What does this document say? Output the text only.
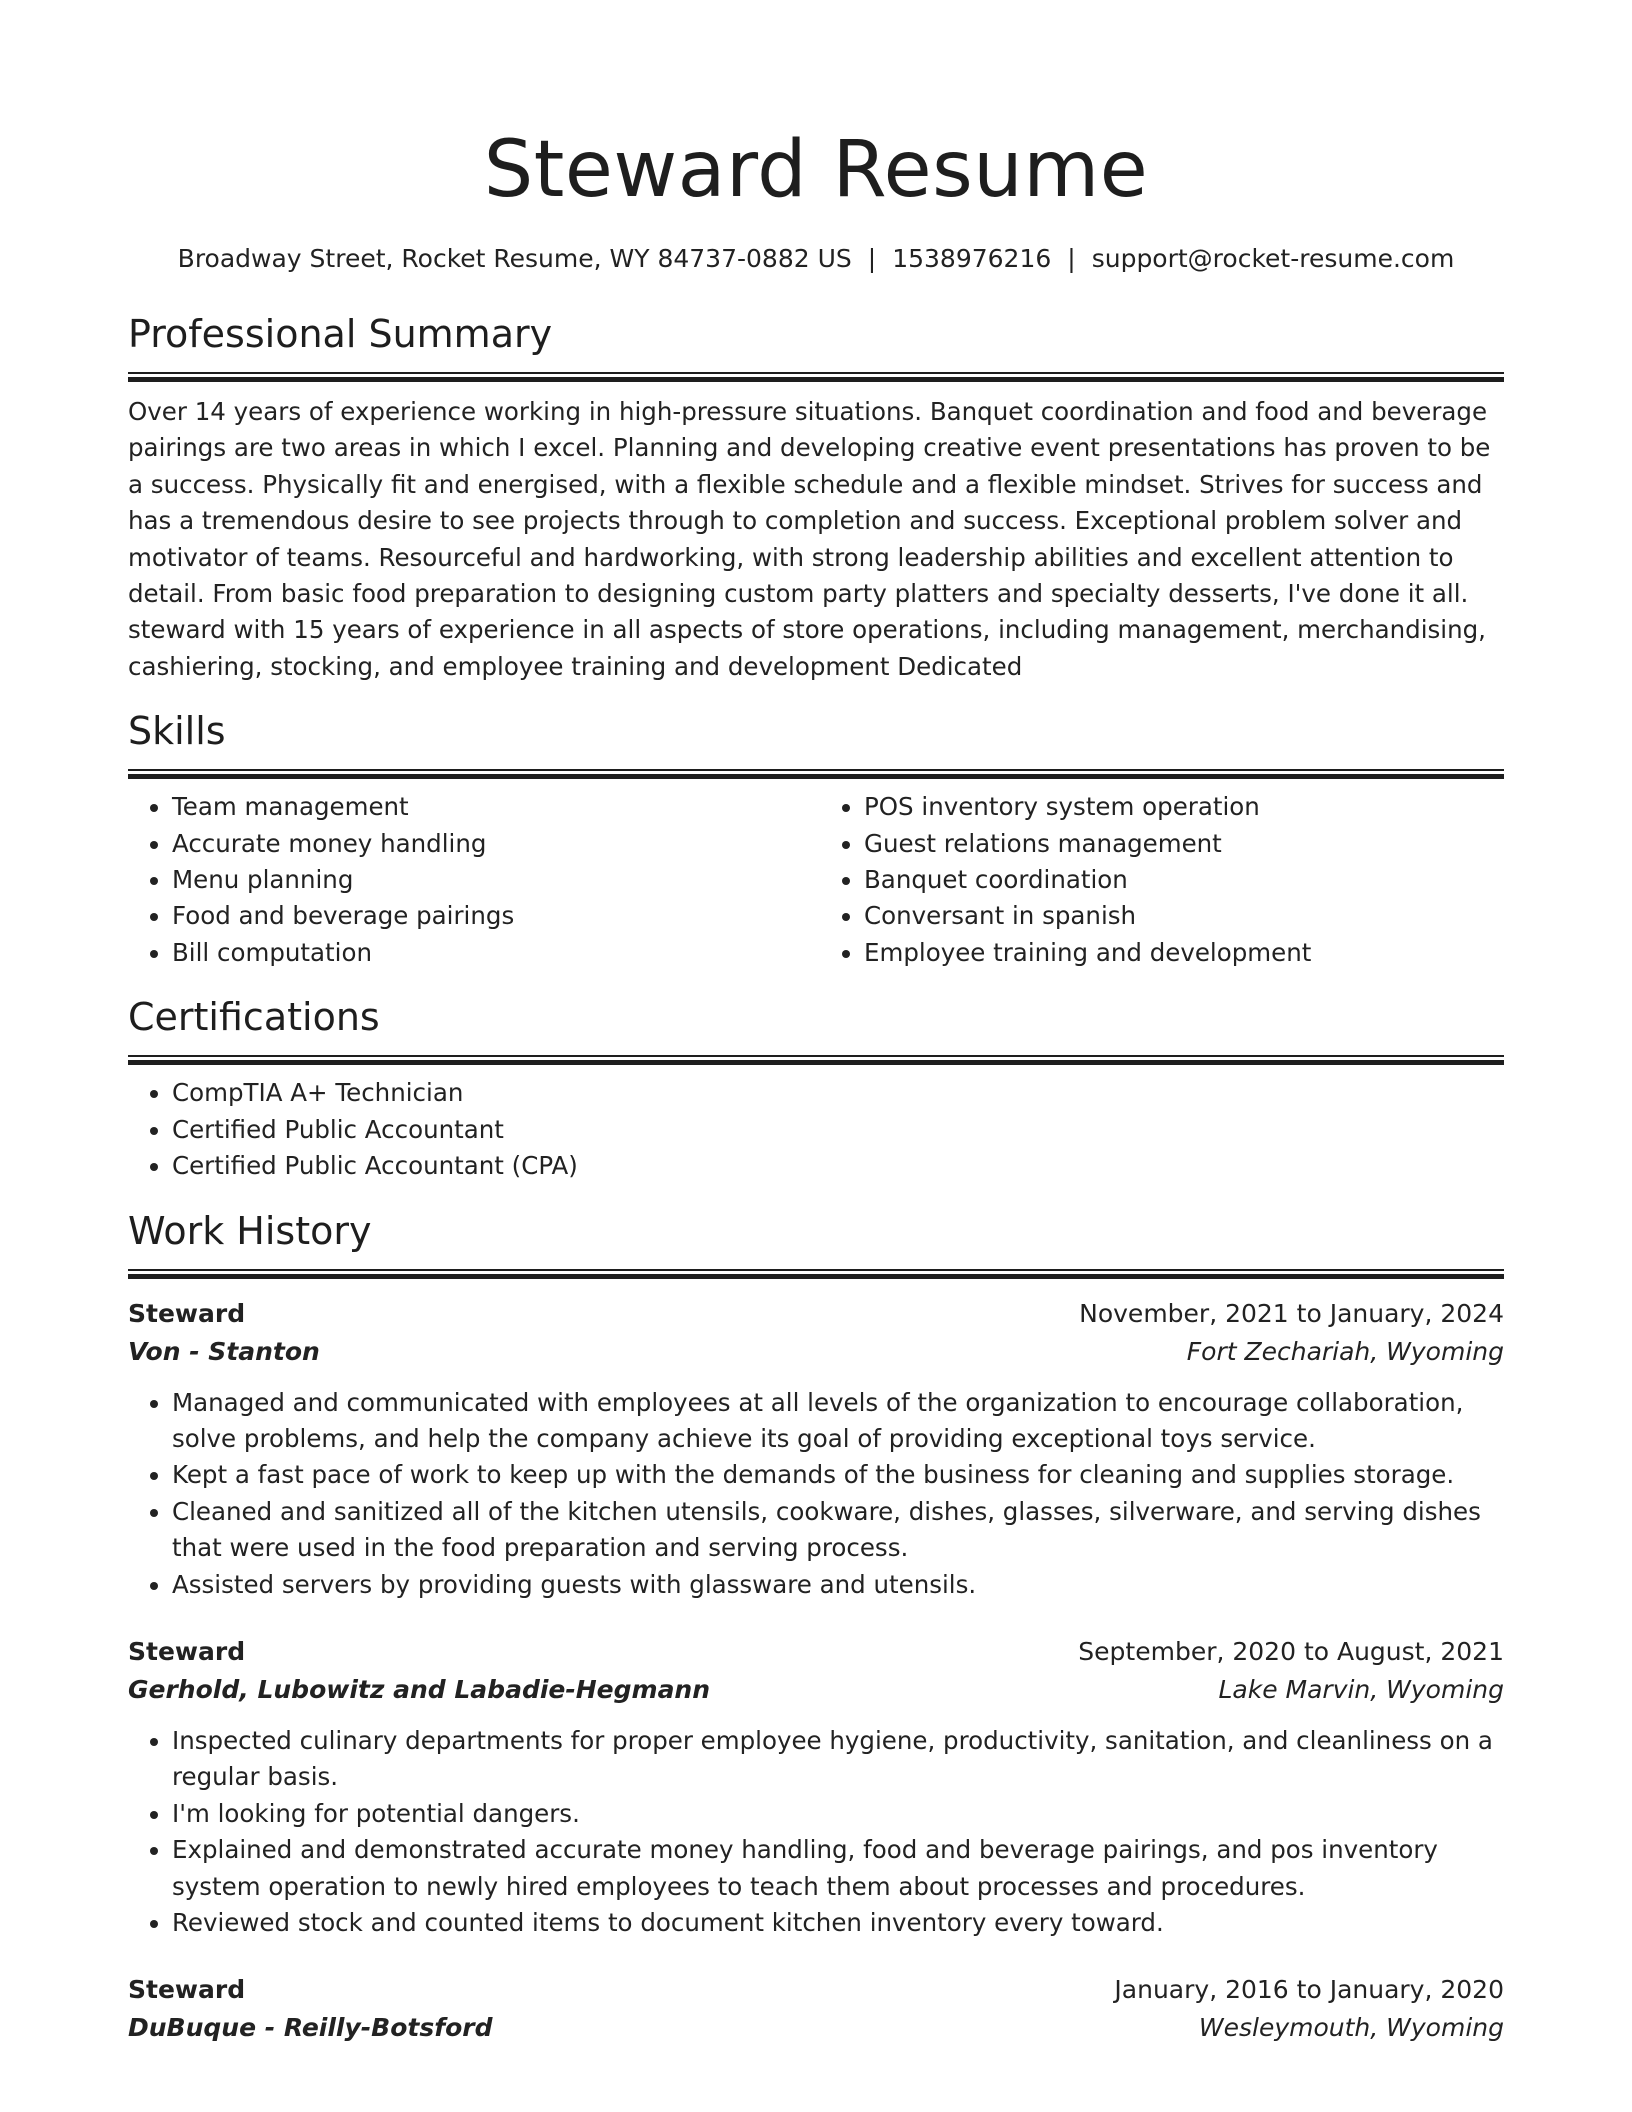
Steward Resume
Broadway Street, Rocket Resume, WY 84737-0882 US | 1538976216 | support@rocket-resume.com
Professional Summary

Over 14 years of experience working in high-pressure situations. Banquet coordination and food and beverage pairings are two areas in which I excel. Planning and developing creative event presentations has proven to be a success. Physically fit and energised, with a flexible schedule and a flexible mindset. Strives for success and has a tremendous desire to see projects through to completion and success. Exceptional problem solver and motivator of teams. Resourceful and hardworking, with strong leadership abilities and excellent attention to detail. From basic food preparation to designing custom party platters and specialty desserts, I've done it all. steward with 15 years of experience in all aspects of store operations, including management, merchandising, cashiering, stocking, and employee training and development Dedicated

Skills
• Team management
• Accurate money handling
• Menu planning
• Food and beverage pairings
• Bill computation
• POS inventory system operation
• Guest relations management
• Banquet coordination
• Conversant in spanish
• Employee training and development
Certifications
• CompTIA A+ Technician
• Certified Public Accountant
• Certified Public Accountant (CPA)
Work History
Steward	November, 2021 to January, 2024
Von - Stanton	Fort Zechariah, Wyoming
• Managed and communicated with employees at all levels of the organization to encourage collaboration, solve problems, and help the company achieve its goal of providing exceptional toys service.
• Kept a fast pace of work to keep up with the demands of the business for cleaning and supplies storage.
• Cleaned and sanitized all of the kitchen utensils, cookware, dishes, glasses, silverware, and serving dishes that were used in the food preparation and serving process.
• Assisted servers by providing guests with glassware and utensils.
Steward	September, 2020 to August, 2021
Gerhold, Lubowitz and Labadie-Hegmann	Lake Marvin, Wyoming
• Inspected culinary departments for proper employee hygiene, productivity, sanitation, and cleanliness on a regular basis.
• I'm looking for potential dangers.
• Explained and demonstrated accurate money handling, food and beverage pairings, and pos inventory system operation to newly hired employees to teach them about processes and procedures.
• Reviewed stock and counted items to document kitchen inventory every toward.
Steward	January, 2016 to January, 2020
DuBuque - Reilly-Botsford	Wesleymouth, Wyoming
